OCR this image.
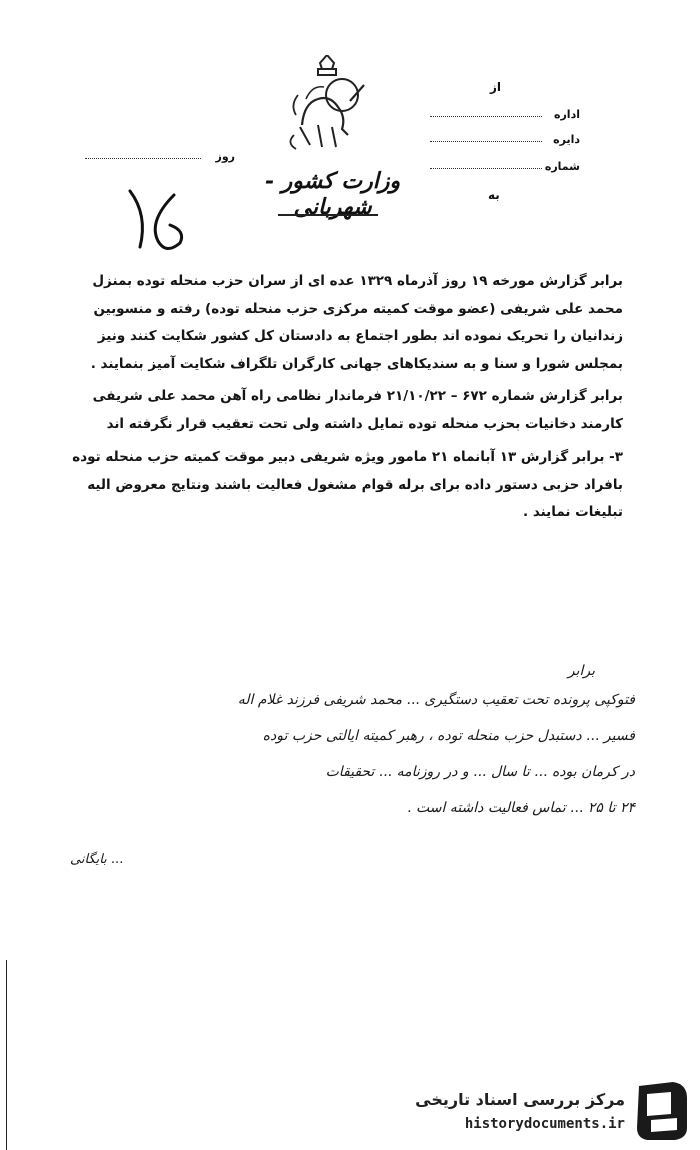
وزارت کشور - شهربانی
از
اداره
دایره
شماره
به
روز
۱۷

برابر گزارش مورخه ۱۹ روز آذرماه ۱۳۲۹ عده ای از سران حزب منحله توده بمنزل محمد علی شریفی (عضو موقت کمیته مرکزی حزب منحله توده) رفته و منسوبین زندانیان را تحریک نموده اند بطور اجتماع به دادستان کل کشور شکایت کنند ونیز بمجلس شورا و سنا و به سندیکاهای جهانی کارگران تلگراف شکایت آمیز بنمایند .

برابر گزارش شماره ۶۷۲ – ۲۱/۱۰/۲۲ فرماندار نظامی راه آهن محمد علی شریفی کارمند دخانیات بحزب منحله توده تمایل داشته ولی تحت تعقیب قرار نگرفته اند

۳- برابر گزارش ۱۳ آبانماه ۲۱ مامور ویژه شریفی دبیر موقت کمیته حزب منحله توده بافراد حزبی دستور داده برای برله قوام مشغول فعالیت باشند ونتایج معروض الیه تبلیغات نمایند .

برابر
فتوکپی پرونده تحت تعقیب دستگیری ... محمد شریفی فرزند غلام اله
فسیر ... دستبدل حزب منحله توده ، رهبر کمیته ایالتی حزب توده
در کرمان بوده ... تا سال ... و در روزنامه ... تحقیقات
۲۴ تا ۲۵ ... تماس فعالیت داشته است .
... بایگانی
مرکز بررسی اسناد تاریخی
historydocuments.ir
